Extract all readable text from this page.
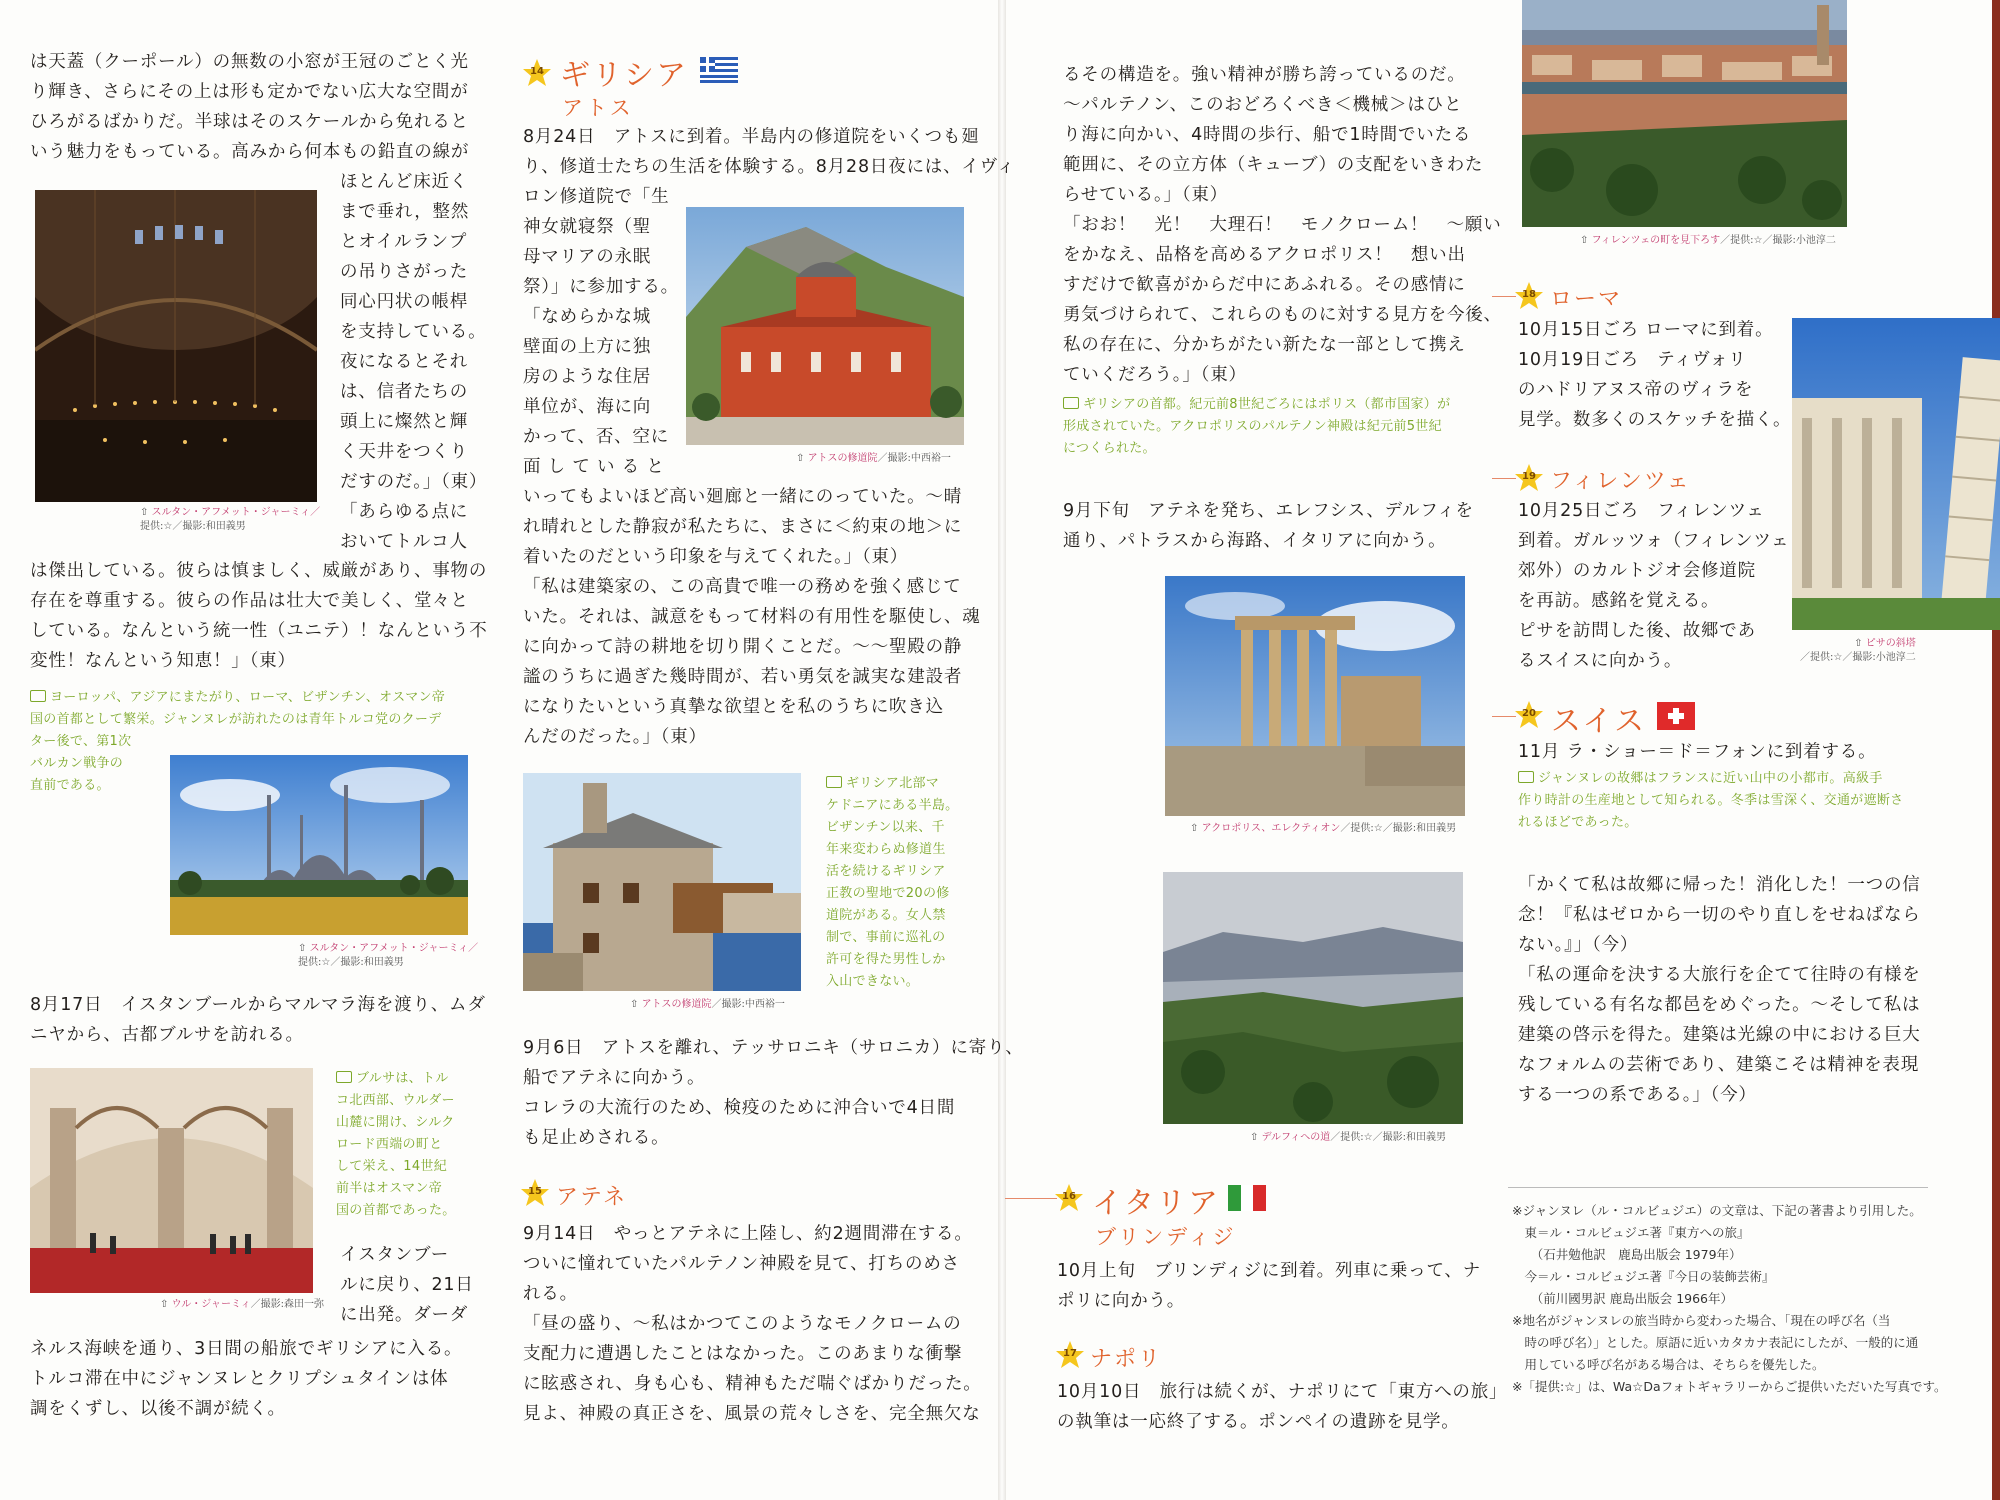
は天蓋（クーポール）の無数の小窓が王冠のごとく光
り輝き、さらにその上は形も定かでない広大な空間が
ひろがるばかりだ。半球はそのスケールから免れると
いう魅力をもっている。高みから何本もの鉛直の線が
⇧ スルタン・アフメット・ジャーミィ／
提供:☆／撮影:和田義男
ほとんど床近く
まで垂れ，整然
とオイルランプ
の吊りさがった
同心円状の帳桿
を支持している。
夜になるとそれ
は、信者たちの
頭上に燦然と輝
く天井をつくり
だすのだ。」（東）
「あらゆる点に
おいてトルコ人
は傑出している。彼らは慎ましく、威厳があり、事物の
存在を尊重する。彼らの作品は壮大で美しく、堂々と
している。なんという統一性（ユニテ）！なんという不
変性！なんという知恵！」（東）
ヨーロッパ、アジアにまたがり、ローマ、ビザンチン、オスマン帝
国の首都として繁栄。ジャンヌレが訪れたのは青年トルコ党のクーデ
ター後で、第1次
バルカン戦争の
直前である。
⇧ スルタン・アフメット・ジャーミィ／
提供:☆／撮影:和田義男
8月17日　イスタンブールからマルマラ海を渡り、ムダ
ニヤから、古都ブルサを訪れる。
⇧ ウル・ジャーミィ／撮影:森田一弥
ブルサは、トル
コ北西部、ウルダー
山麓に開け、シルク
ロード西端の町と
して栄え、14世紀
前半はオスマン帝
国の首都であった。
イスタンブー
ルに戻り、21日
に出発。ダーダ
ネルス海峡を通り、3日間の船旅でギリシアに入る。
トルコ滞在中にジャンヌレとクリプシュタインは体
調をくずし、以後不調が続く。
14 ギリシア
アトス
8月24日　アトスに到着。半島内の修道院をいくつも廻
り、修道士たちの生活を体験する。8月28日夜には、イヴィ
⇧ アトスの修道院／撮影:中西裕一
ロン修道院で「生
神女就寝祭（聖
母マリアの永眠
祭）」に参加する。
「なめらかな城
壁面の上方に独
房のような住居
単位が、海に向
かって、否、空に
面 し て い る と
いってもよいほど高い廻廊と一緒にのっていた。～晴
れ晴れとした静寂が私たちに、まさに＜約束の地＞に
着いたのだという印象を与えてくれた。」（東）
「私は建築家の、この高貴で唯一の務めを強く感じて
いた。それは、誠意をもって材料の有用性を駆使し、魂
に向かって詩の耕地を切り開くことだ。～～聖殿の静
謐のうちに過ぎた幾時間が、若い勇気を誠実な建設者
になりたいという真摯な欲望とを私のうちに吹き込
んだのだった。」（東）
⇧ アトスの修道院／撮影:中西裕一
ギリシア北部マ
ケドニアにある半島。
ビザンチン以来、千
年来変わらぬ修道生
活を続けるギリシア
正教の聖地で20の修
道院がある。女人禁
制で、事前に巡礼の
許可を得た男性しか
入山できない。
9月6日　アトスを離れ、テッサロニキ（サロニカ）に寄り、
船でアテネに向かう。
コレラの大流行のため、検疫のために沖合いで4日間
も足止めされる。
15 アテネ
9月14日　やっとアテネに上陸し、約2週間滞在する。
ついに憧れていたパルテノン神殿を見て、打ちのめさ
れる。
「昼の盛り、～私はかつてこのようなモノクロームの
支配力に遭遇したことはなかった。このあまりな衝撃
に眩惑され、身も心も、精神もただ喘ぐばかりだった。
見よ、神殿の真正さを、風景の荒々しさを、完全無欠な
るその構造を。強い精神が勝ち誇っているのだ。
～パルテノン、このおどろくべき＜機械＞はひと
り海に向かい、4時間の歩行、船で1時間でいたる
範囲に、その立方体（キューブ）の支配をいきわた
らせている。」（東）
「おお！　光！　大理石！　モノクローム！　～願い
をかなえ、品格を高めるアクロポリス！　想い出
すだけで歓喜がからだ中にあふれる。その感情に
勇気づけられて、これらのものに対する見方を今後、
私の存在に、分かちがたい新たな一部として携え
ていくだろう。」（東）
ギリシアの首都。紀元前8世紀ごろにはポリス（都市国家）が
形成されていた。アクロポリスのパルテノン神殿は紀元前5世紀
につくられた。
9月下旬　アテネを発ち、エレフシス、デルフィを
通り、パトラスから海路、イタリアに向かう。
⇧ アクロポリス、エレクティオン／提供:☆／撮影:和田義男
⇧ デルフィへの道／提供:☆／撮影:和田義男
16 イタリア
ブリンディジ
10月上旬　ブリンディジに到着。列車に乗って、ナ
ポリに向かう。
17 ナポリ
10月10日　旅行は続くが、ナポリにて「東方への旅」
の執筆は一応終了する。ポンペイの遺跡を見学。
⇧ フィレンツェの町を見下ろす／提供:☆／撮影:小池淳二
18 ローマ
10月15日ごろ ローマに到着。
10月19日ごろ　ティヴォリ
のハドリアヌス帝のヴィラを
見学。数多くのスケッチを描く。
⇧ ピサの斜塔
／提供:☆／撮影:小池淳二
19 フィレンツェ
10月25日ごろ　フィレンツェ
到着。ガルッツォ（フィレンツェ
郊外）のカルトジオ会修道院
を再訪。感銘を覚える。
ピサを訪問した後、故郷であ
るスイスに向かう。
20 スイス
11月 ラ・ショー＝ド＝フォンに到着する。
ジャンヌレの故郷はフランスに近い山中の小都市。高級手
作り時計の生産地として知られる。冬季は雪深く、交通が遮断さ
れるほどであった。
「かくて私は故郷に帰った！消化した！一つの信
念！『私はゼロから一切のやり直しをせねばなら
ない。』」（今）
「私の運命を決する大旅行を企てて往時の有様を
残している有名な都邑をめぐった。～そして私は
建築の啓示を得た。建築は光線の中における巨大
なフォルムの芸術であり、建築こそは精神を表現
する一つの系である。」（今）
※ジャンヌレ（ル・コルビュジエ）の文章は、下記の著書より引用した。
　東＝ル・コルビュジエ著『東方への旅』
　　（石井勉他訳　鹿島出版会 1979年）
　今＝ル・コルビュジエ著『今日の装飾芸術』
　　（前川國男訳 鹿島出版会 1966年）
※地名がジャンヌレの旅当時から変わった場合、「現在の呼び名（当
　時の呼び名）」とした。原語に近いカタカナ表記にしたが、一般的に通
　用している呼び名がある場合は、そちらを優先した。
※「提供:☆」は、Wa☆Daフォトギャラリーからご提供いただいた写真です。
